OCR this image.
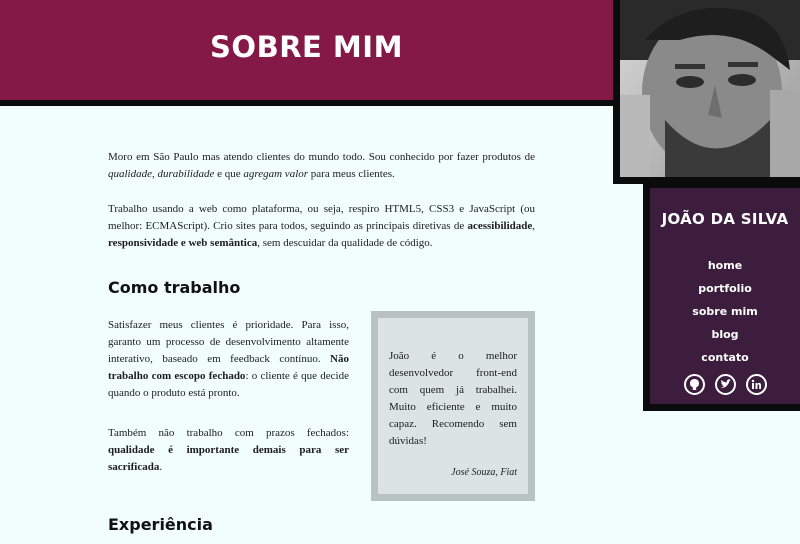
SOBRE MIM
JOÃO DA SILVA
home
portfolio
sobre mim
blog
contato

Moro em São Paulo mas atendo clientes do mundo todo. Sou conhecido por fazer produtos de qualidade, durabilidade e que agregam valor para meus clientes.

Trabalho usando a web como plataforma, ou seja, respiro HTML5, CSS3 e JavaScript (ou melhor: ECMAScript). Crio sites para todos, seguindo as principais diretivas de acessibilidade, responsividade e web semântica, sem descuidar da qualidade de código.

Como trabalho

Satisfazer meus clientes é prioridade. Para isso, garanto um processo de desenvolvimento altamente interativo, baseado em feedback contínuo. Não trabalho com escopo fechado: o cliente é que decide quando o produto está pronto.

Também não trabalho com prazos fechados: qualidade é importante demais para ser sacrificada.

João é o melhor desenvolvedor front-end com quem já trabalhei. Muito eficiente e muito capaz. Recomendo sem dúvidas!
José Souza, Fiat
Experiência
